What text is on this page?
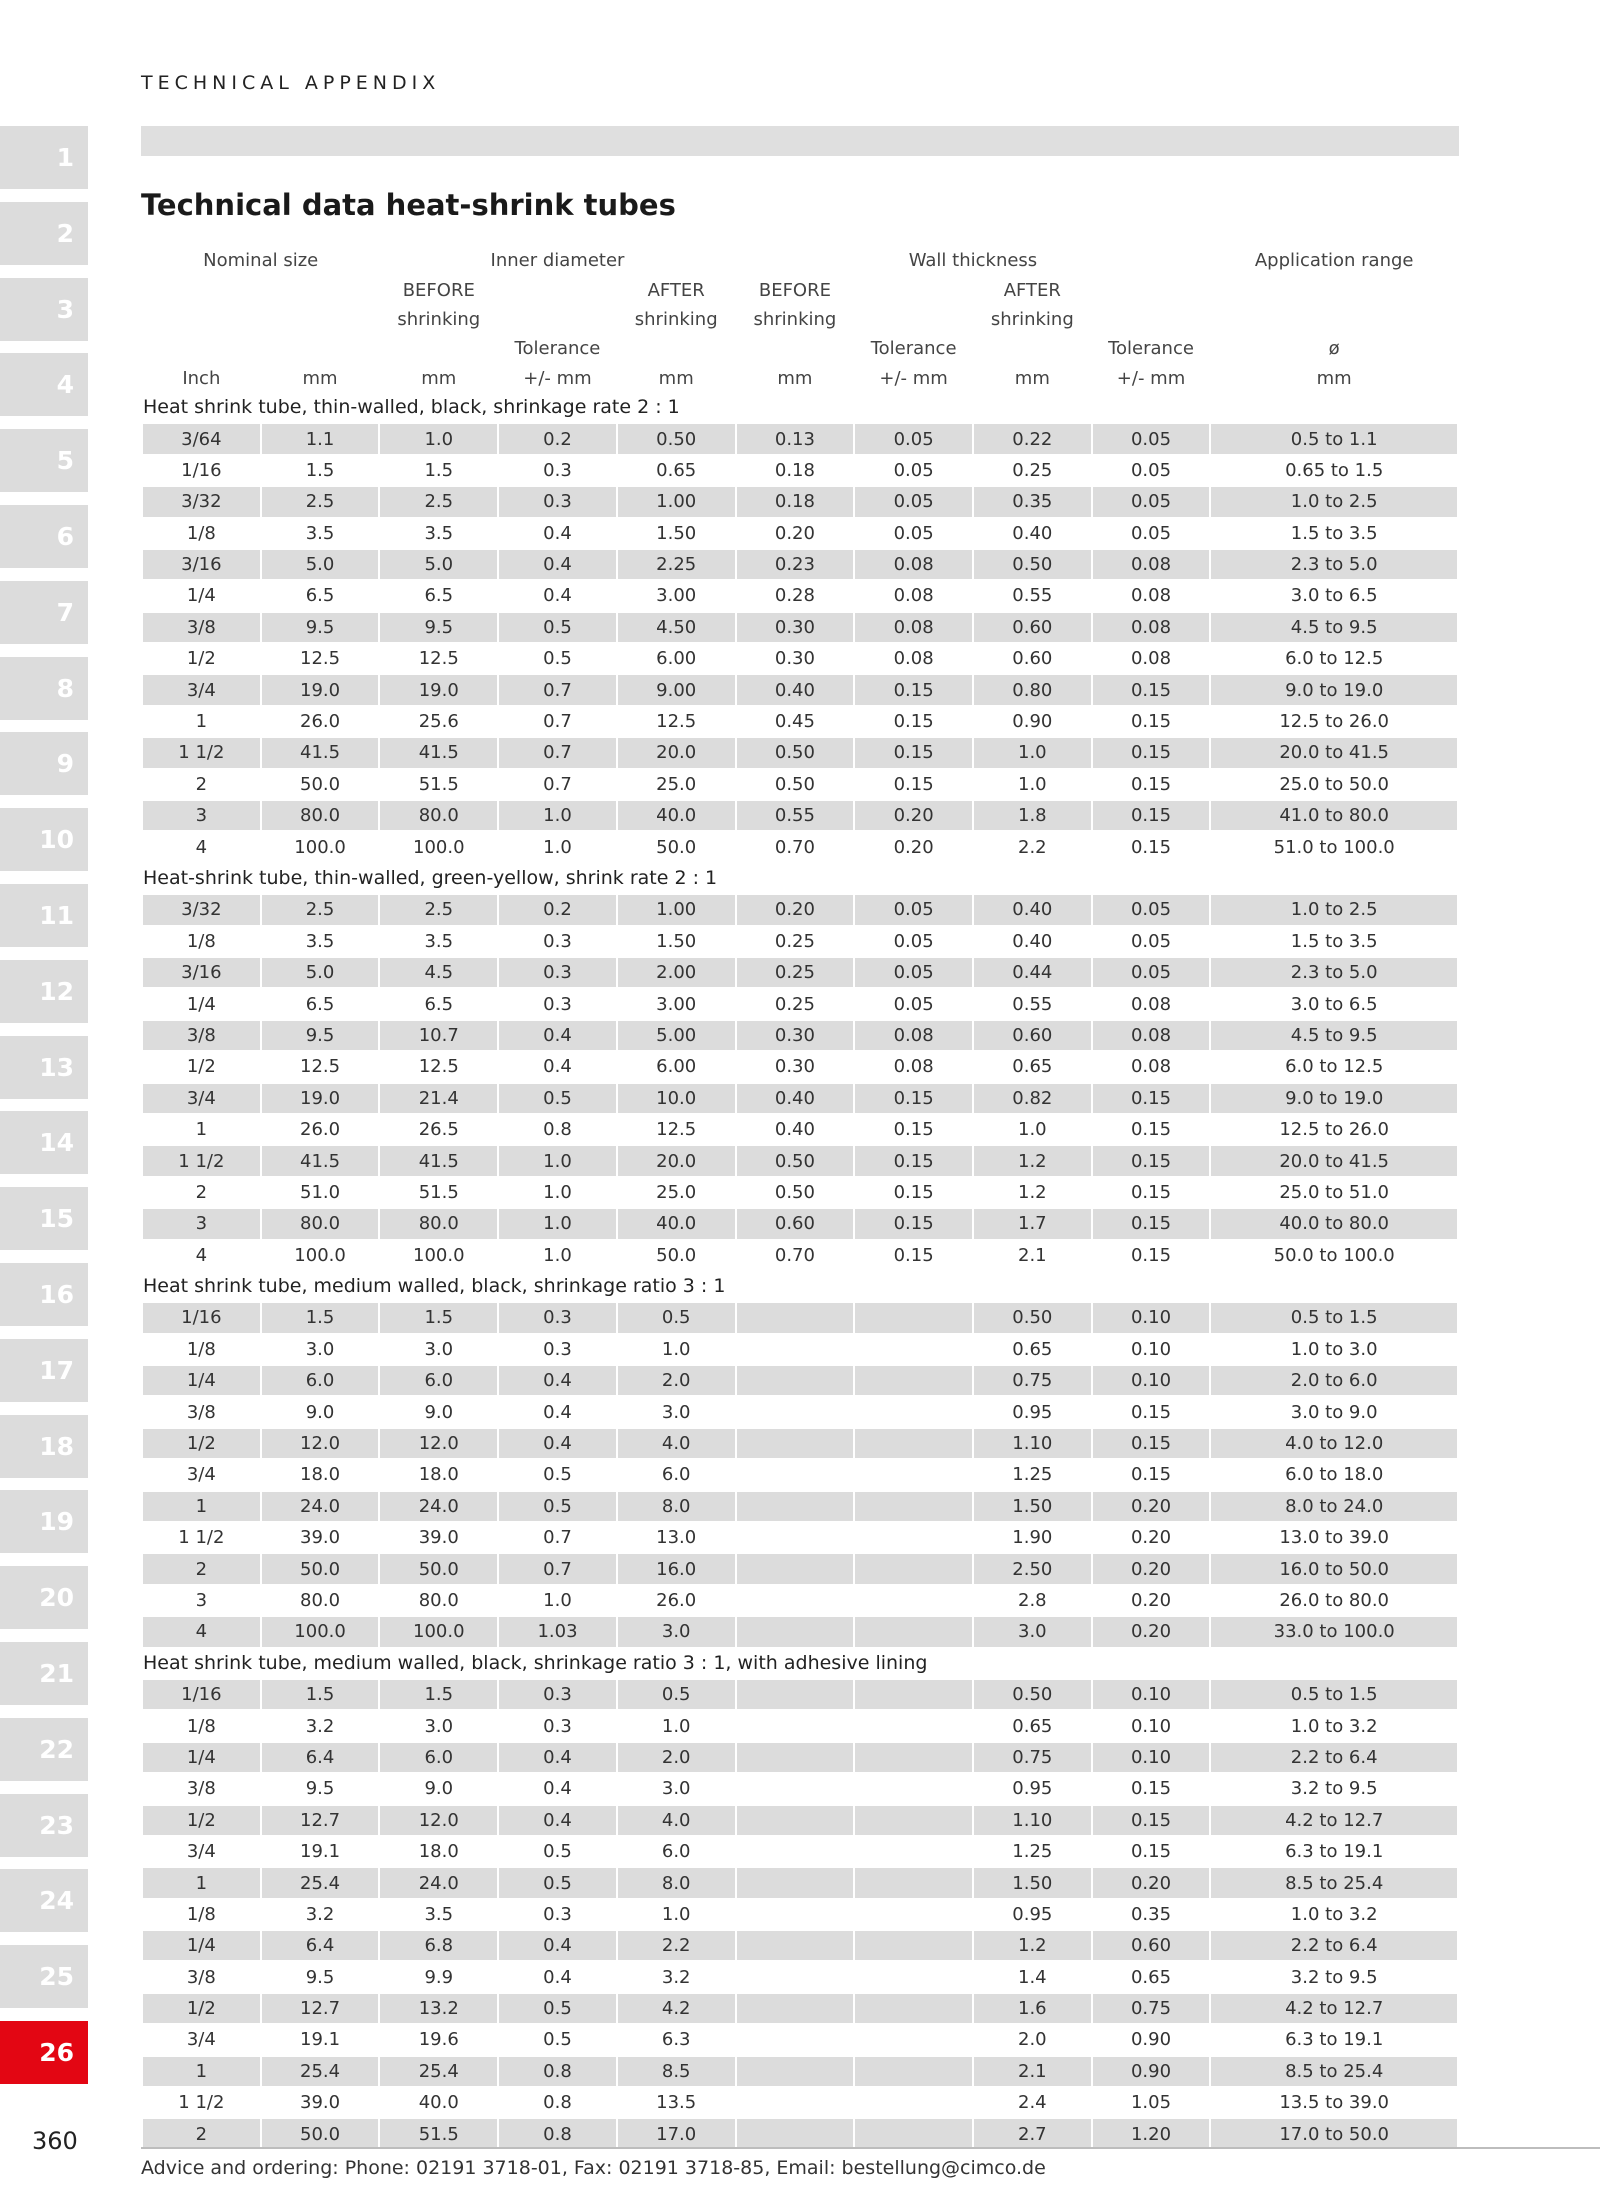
TECHNICAL APPENDIX
Technical data heat-shrink tubes
1
2
3
4
5
6
7
8
9
10
11
12
13
14
15
16
17
18
19
20
21
22
23
24
25
26
Nominal size		Inner diameter			Wall thickness				Application range
		BEFORE		AFTER	BEFORE		AFTER		
		shrinking		shrinking	shrinking		shrinking		
			Tolerance			Tolerance		Tolerance	ø
Inch	mm	mm	+/- mm	mm	mm	+/- mm	mm	+/- mm	mm
Heat shrink tube, thin-walled, black, shrinkage rate 2 : 1									
3/64	1.1	1.0	0.2	0.50	0.13	0.05	0.22	0.05	0.5 to 1.1
1/16	1.5	1.5	0.3	0.65	0.18	0.05	0.25	0.05	0.65 to 1.5
3/32	2.5	2.5	0.3	1.00	0.18	0.05	0.35	0.05	1.0 to 2.5
1/8	3.5	3.5	0.4	1.50	0.20	0.05	0.40	0.05	1.5 to 3.5
3/16	5.0	5.0	0.4	2.25	0.23	0.08	0.50	0.08	2.3 to 5.0
1/4	6.5	6.5	0.4	3.00	0.28	0.08	0.55	0.08	3.0 to 6.5
3/8	9.5	9.5	0.5	4.50	0.30	0.08	0.60	0.08	4.5 to 9.5
1/2	12.5	12.5	0.5	6.00	0.30	0.08	0.60	0.08	6.0 to 12.5
3/4	19.0	19.0	0.7	9.00	0.40	0.15	0.80	0.15	9.0 to 19.0
1	26.0	25.6	0.7	12.5	0.45	0.15	0.90	0.15	12.5 to 26.0
1 1/2	41.5	41.5	0.7	20.0	0.50	0.15	1.0	0.15	20.0 to 41.5
2	50.0	51.5	0.7	25.0	0.50	0.15	1.0	0.15	25.0 to 50.0
3	80.0	80.0	1.0	40.0	0.55	0.20	1.8	0.15	41.0 to 80.0
4	100.0	100.0	1.0	50.0	0.70	0.20	2.2	0.15	51.0 to 100.0
Heat-shrink tube, thin-walled, green-yellow, shrink rate 2 : 1									
3/32	2.5	2.5	0.2	1.00	0.20	0.05	0.40	0.05	1.0 to 2.5
1/8	3.5	3.5	0.3	1.50	0.25	0.05	0.40	0.05	1.5 to 3.5
3/16	5.0	4.5	0.3	2.00	0.25	0.05	0.44	0.05	2.3 to 5.0
1/4	6.5	6.5	0.3	3.00	0.25	0.05	0.55	0.08	3.0 to 6.5
3/8	9.5	10.7	0.4	5.00	0.30	0.08	0.60	0.08	4.5 to 9.5
1/2	12.5	12.5	0.4	6.00	0.30	0.08	0.65	0.08	6.0 to 12.5
3/4	19.0	21.4	0.5	10.0	0.40	0.15	0.82	0.15	9.0 to 19.0
1	26.0	26.5	0.8	12.5	0.40	0.15	1.0	0.15	12.5 to 26.0
1 1/2	41.5	41.5	1.0	20.0	0.50	0.15	1.2	0.15	20.0 to 41.5
2	51.0	51.5	1.0	25.0	0.50	0.15	1.2	0.15	25.0 to 51.0
3	80.0	80.0	1.0	40.0	0.60	0.15	1.7	0.15	40.0 to 80.0
4	100.0	100.0	1.0	50.0	0.70	0.15	2.1	0.15	50.0 to 100.0
Heat shrink tube, medium walled, black, shrinkage ratio 3 : 1									
1/16	1.5	1.5	0.3	0.5			0.50	0.10	0.5 to 1.5
1/8	3.0	3.0	0.3	1.0			0.65	0.10	1.0 to 3.0
1/4	6.0	6.0	0.4	2.0			0.75	0.10	2.0 to 6.0
3/8	9.0	9.0	0.4	3.0			0.95	0.15	3.0 to 9.0
1/2	12.0	12.0	0.4	4.0			1.10	0.15	4.0 to 12.0
3/4	18.0	18.0	0.5	6.0			1.25	0.15	6.0 to 18.0
1	24.0	24.0	0.5	8.0			1.50	0.20	8.0 to 24.0
1 1/2	39.0	39.0	0.7	13.0			1.90	0.20	13.0 to 39.0
2	50.0	50.0	0.7	16.0			2.50	0.20	16.0 to 50.0
3	80.0	80.0	1.0	26.0			2.8	0.20	26.0 to 80.0
4	100.0	100.0	1.03	3.0			3.0	0.20	33.0 to 100.0
Heat shrink tube, medium walled, black, shrinkage ratio 3 : 1, with adhesive lining									
1/16	1.5	1.5	0.3	0.5			0.50	0.10	0.5 to 1.5
1/8	3.2	3.0	0.3	1.0			0.65	0.10	1.0 to 3.2
1/4	6.4	6.0	0.4	2.0			0.75	0.10	2.2 to 6.4
3/8	9.5	9.0	0.4	3.0			0.95	0.15	3.2 to 9.5
1/2	12.7	12.0	0.4	4.0			1.10	0.15	4.2 to 12.7
3/4	19.1	18.0	0.5	6.0			1.25	0.15	6.3 to 19.1
1	25.4	24.0	0.5	8.0			1.50	0.20	8.5 to 25.4
1/8	3.2	3.5	0.3	1.0			0.95	0.35	1.0 to 3.2
1/4	6.4	6.8	0.4	2.2			1.2	0.60	2.2 to 6.4
3/8	9.5	9.9	0.4	3.2			1.4	0.65	3.2 to 9.5
1/2	12.7	13.2	0.5	4.2			1.6	0.75	4.2 to 12.7
3/4	19.1	19.6	0.5	6.3			2.0	0.90	6.3 to 19.1
1	25.4	25.4	0.8	8.5			2.1	0.90	8.5 to 25.4
1 1/2	39.0	40.0	0.8	13.5			2.4	1.05	13.5 to 39.0
2	50.0	51.5	0.8	17.0			2.7	1.20	17.0 to 50.0
360
Advice and ordering: Phone: 02191 3718-01, Fax: 02191 3718-85, Email: bestellung@cimco.de
